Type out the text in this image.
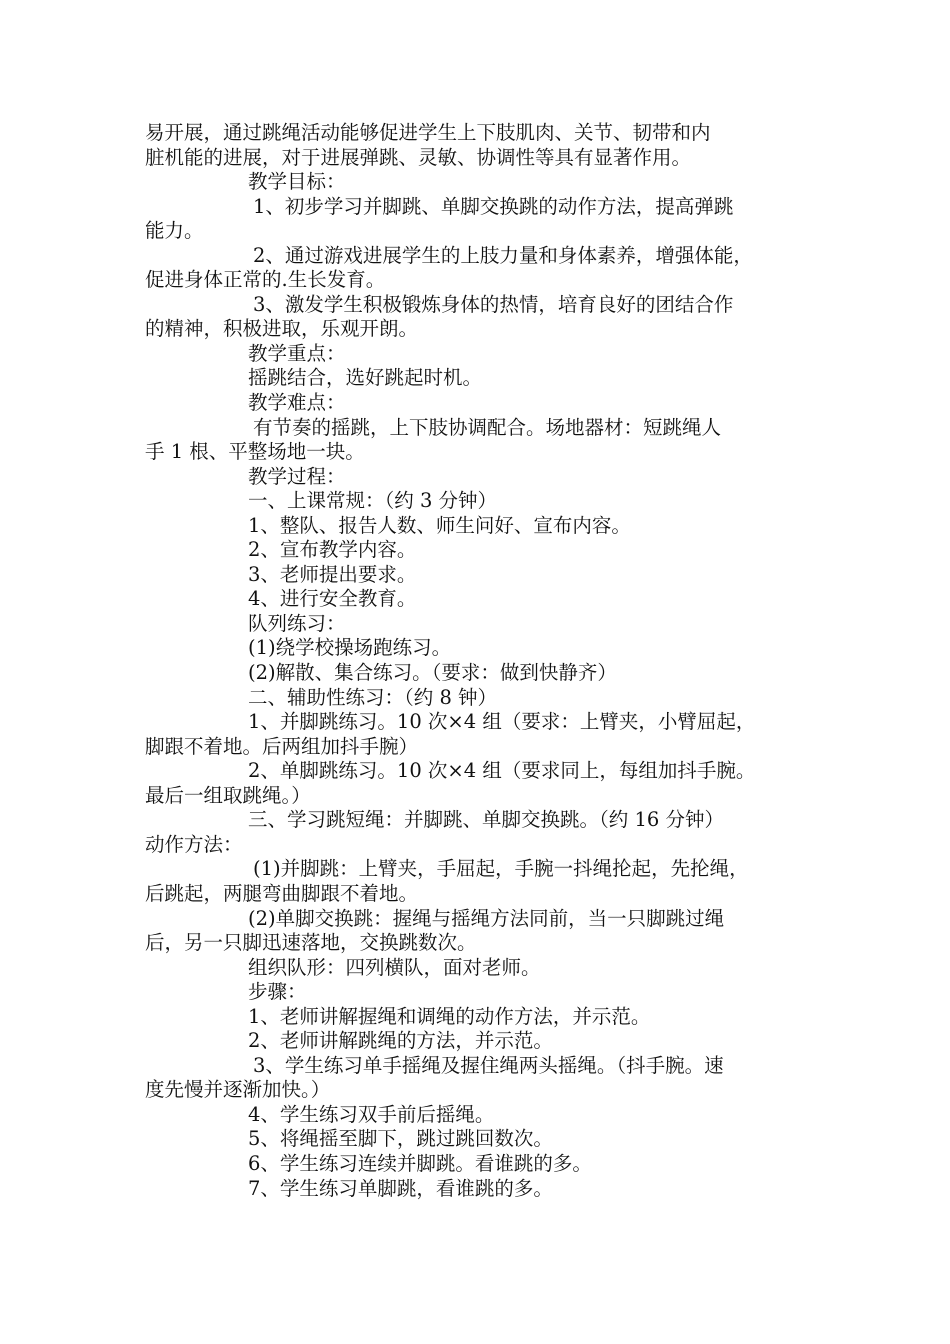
易开展，通过跳绳活动能够促进学生上下肢肌肉、关节、韧带和内
脏机能的进展，对于进展弹跳、灵敏、协调性等具有显著作用。
教学目标：
1、初步学习并脚跳、单脚交换跳的动作方法，提高弹跳
能力。
2、通过游戏进展学生的上肢力量和身体素养，增强体能，
促进身体正常的.生长发育。
3、激发学生积极锻炼身体的热情，培育良好的团结合作
的精神，积极进取，乐观开朗。
教学重点：
摇跳结合，选好跳起时机。
教学难点：
有节奏的摇跳，上下肢协调配合。场地器材：短跳绳人
手 1 根、平整场地一块。
教学过程：
一、上课常规：（约 3 分钟）
1、整队、报告人数、师生问好、宣布内容。
2、宣布教学内容。
3、老师提出要求。
4、进行安全教育。
队列练习：
(1)绕学校操场跑练习。
(2)解散、集合练习。（要求：做到快静齐）
二、辅助性练习：（约 8 钟）
1、并脚跳练习。10 次×4 组（要求：上臂夹，小臂屈起，
脚跟不着地。后两组加抖手腕）
2、单脚跳练习。10 次×4 组（要求同上，每组加抖手腕。
最后一组取跳绳。）
三、学习跳短绳：并脚跳、单脚交换跳。（约 16 分钟）
动作方法：
(1)并脚跳：上臂夹，手屈起，手腕一抖绳抡起，先抡绳，
后跳起，两腿弯曲脚跟不着地。
(2)单脚交换跳：握绳与摇绳方法同前，当一只脚跳过绳
后，另一只脚迅速落地，交换跳数次。
组织队形：四列横队，面对老师。
步骤：
1、老师讲解握绳和调绳的动作方法，并示范。
2、老师讲解跳绳的方法，并示范。
3、学生练习单手摇绳及握住绳两头摇绳。（抖手腕。速
度先慢并逐渐加快。）
4、学生练习双手前后摇绳。
5、将绳摇至脚下，跳过跳回数次。
6、学生练习连续并脚跳。看谁跳的多。
7、学生练习单脚跳，看谁跳的多。
